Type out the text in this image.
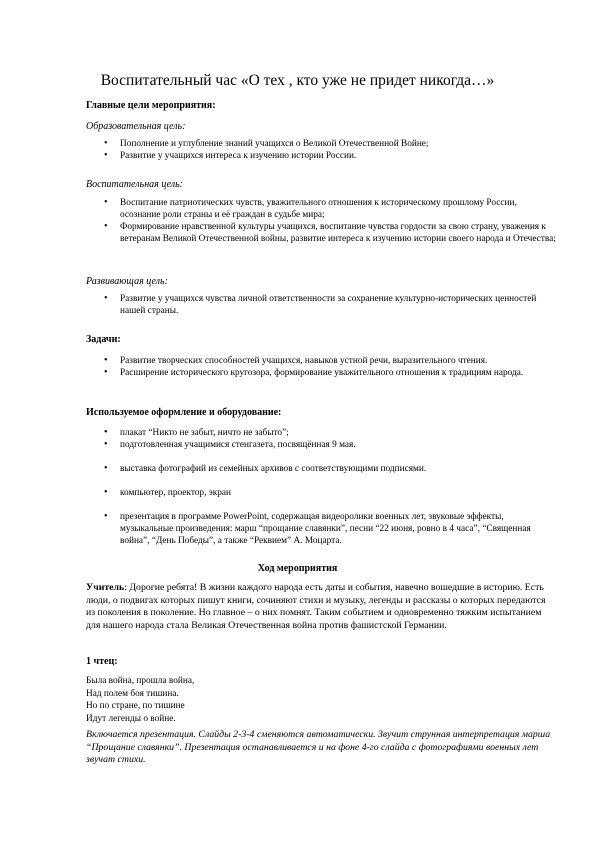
Воспитательный час «О тех , кто уже не придет никогда…»

Главные цели мероприятия:

Образовательная цель:

• Пополнение и углубление знаний учащихся о Великой Отечественной Войне;
• Развитие у учащихся интереса к изучению истории России.

Воспитательная цель:

• Воспитание патриотических чувств, уважительного отношения к историческому прошлому России, осознание роли страны и её граждан в судьбе мира;
• Формирование нравственной культуры учащихся, воспитание чувства гордости за свою страну, уважения к ветеранам Великой Отечественной войны, развитие интереса к изучению истории своего народа и Отечества;

Развивающая цель:

• Развитие у учащихся чувства личной ответственности за сохранение культурно-исторических ценностей нашей страны.

Задачи:

• Развитие творческих способностей учащихся, навыков устной речи, выразительного чтения.
• Расширение исторического кругозора, формирование уважительного отношения к традициям народа.

Используемое оформление и оборудование:

• плакат “Никто не забыт, ничто не забыто”;
• подготовленная учащимися стенгазета, посвящённая 9 мая.
• выставка фотографий из семейных архивов с соответствующими подписями.
• компьютер, проектор, экран
• презентация в программе PowerPoint, содержащая видеоролики военных лет, звуковые эффекты, музыкальные произведения: марш “прощание славянки”, песни “22 июня, ровно в 4 часа”, “Священная война”, “День Победы”, а также “Реквием” А. Моцарта.

Ход мероприятия

Учитель: Дорогие ребята! В жизни каждого народа есть даты и события, навечно вошедшие в историю. Есть люди, о подвигах которых пишут книги, сочиняют стихи и музыку, легенды и рассказы о которых передаются из поколения в поколение. Но главное – о них помнят. Таким событием и одновременно тяжким испытанием для нашего народа стала Великая Отечественная война против фашистской Германии.

1 чтец:

Была война, прошла война,
Над полем боя тишина.
Но по стране, по тишине
Идут легенды о войне.

Включается презентация. Слайды 2-3-4 сменяются автоматически. Звучит струнная интерпретация марша “Прощание славянки”. Презентация останавливается и на фоне 4-го слайда с фотографиями военных лет звучат стихи.
